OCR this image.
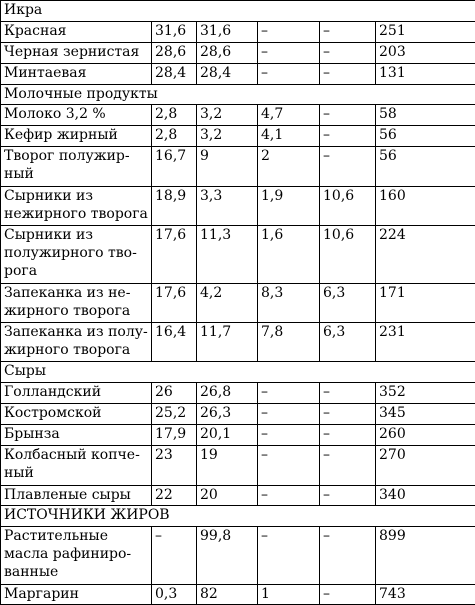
Икра					
Красная	31,6	31,6	–	–	251
Черная зернистая	28,6	28,6	–	–	203
Минтаевая	28,4	28,4	–	–	131
Молочные продукты					
Молоко 3,2 %	2,8	3,2	4,7	–	58
Кефир жирный	2,8	3,2	4,1	–	56
Творог полужир-ный	16,7	9	2	–	56
Сырники из нежирного творога	18,9	3,3	1,9	10,6	160
Сырники из полужирного тво-рога	17,6	11,3	1,6	10,6	224
Запеканка из не-жирного творога	17,6	4,2	8,3	6,3	171
Запеканка из полу-жирного творога	16,4	11,7	7,8	6,3	231
Сыры					
Голландский	26	26,8	–	–	352
Костромской	25,2	26,3	–	–	345
Брынза	17,9	20,1	–	–	260
Колбасный копче-ный	23	19	–	–	270
Плавленые сыры	22	20	–	–	340
ИСТОЧНИКИ ЖИРОВ					
Растительные масла рафиниро-ванные	–	99,8	–	–	899
Маргарин	0,3	82	1	–	743
